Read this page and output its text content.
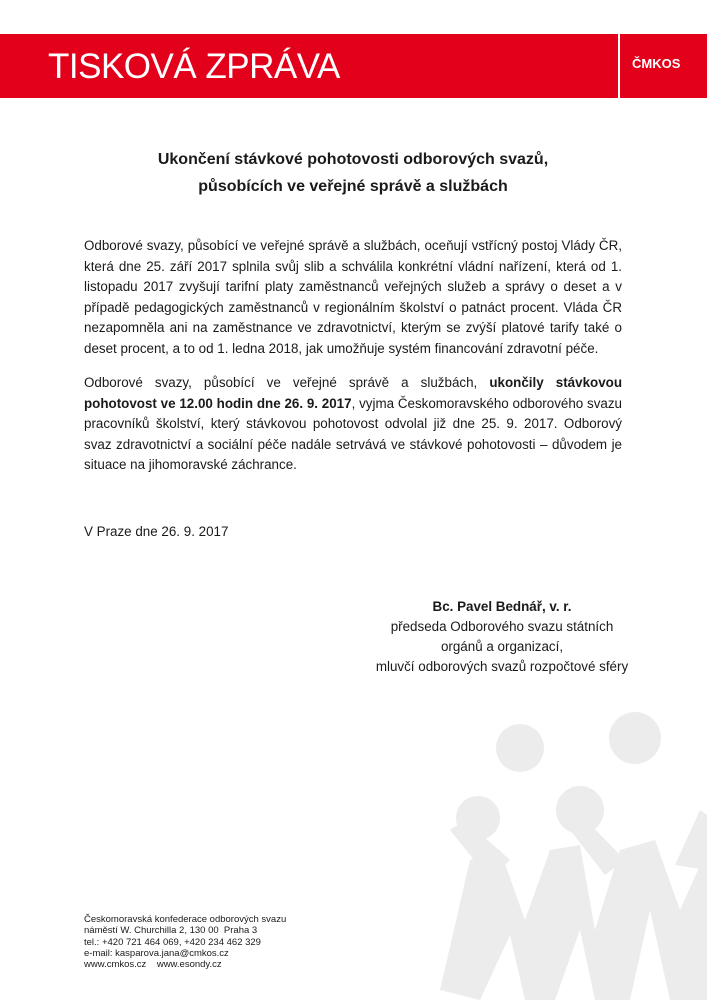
TISKOVÁ ZPRÁVA	ČMKOS
Ukončení stávkové pohotovosti odborových svazů,
působících ve veřejné správě a službách

Odborové svazy, působící ve veřejné správě a službách, oceňují vstřícný postoj Vlády ČR, která dne 25. září 2017 splnila svůj slib a schválila konkrétní vládní nařízení, která od 1. listopadu 2017 zvyšují tarifní platy zaměstnanců veřejných služeb a správy o deset a v případě pedagogických zaměstnanců v regionálním školství o patnáct procent. Vláda ČR nezapomněla ani na zaměstnance ve zdravotnictví, kterým se zvýší platové tarify také o deset procent, a to od 1. ledna 2018, jak umožňuje systém financování zdravotní péče.

Odborové svazy, působící ve veřejné správě a službách, ukončily stávkovou pohotovost ve 12.00 hodin dne 26. 9. 2017, vyjma Českomoravského odborového svazu pracovníků školství, který stávkovou pohotovost odvolal již dne 25. 9. 2017. Odborový svaz zdravotnictví a sociální péče nadále setrvává ve stávkové pohotovosti – důvodem je situace na jihomoravské záchrance.

V Praze dne 26. 9. 2017
Bc. Pavel Bednář, v. r.
předseda Odborového svazu státních
orgánů a organizací,
mluvčí odborových svazů rozpočtové sféry
Českomoravská konfederace odborových svazu
náměstí W. Churchilla 2, 130 00  Praha 3
tel.: +420 721 464 069, +420 234 462 329
e-mail: kasparova.jana@cmkos.cz
www.cmkos.cz    www.esondy.cz
